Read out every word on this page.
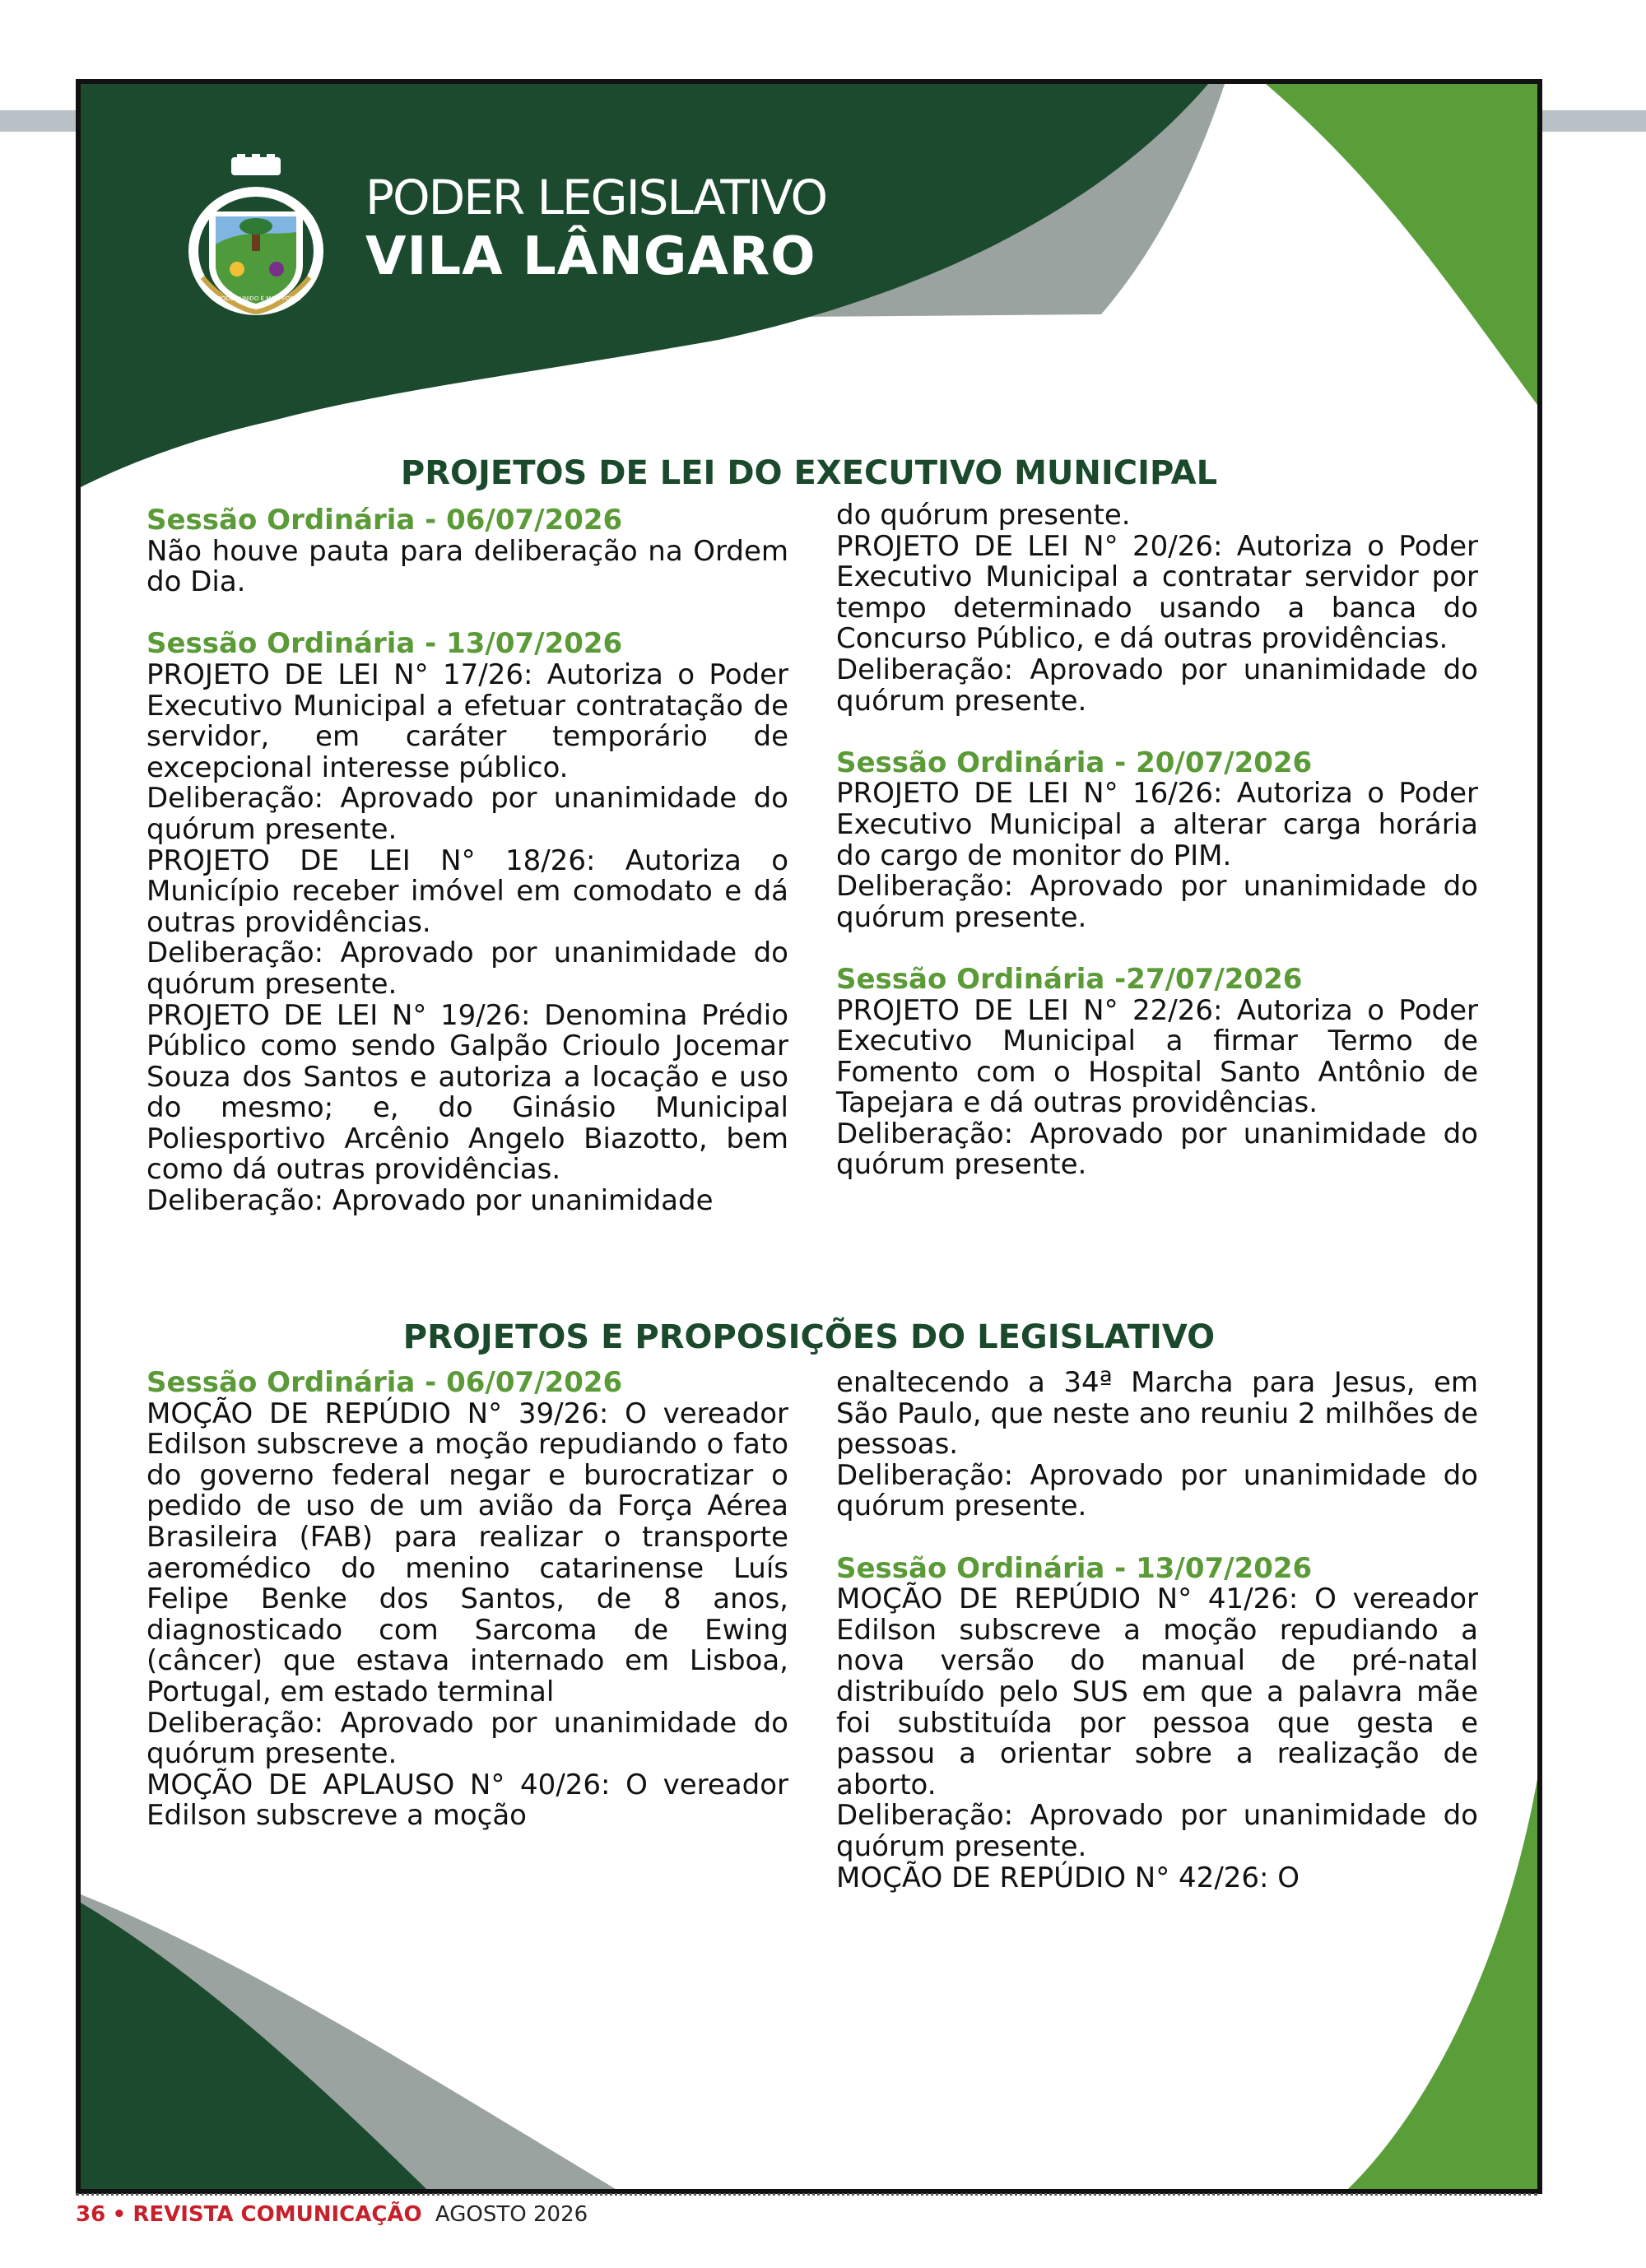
O PODER UNIDO É MAIS FORTE
PODER LEGISLATIVO
VILA LÂNGARO
PROJETOS DE LEI DO EXECUTIVO MUNICIPAL

Sessão Ordinária - 06/07/2026

Não houve pauta para deliberação na Ordem do Dia.

Sessão Ordinária - 13/07/2026

PROJETO DE LEI N° 17/26: Autoriza o Poder Executivo Municipal a efetuar contratação de servidor, em caráter temporário de excepcional interesse público.

Deliberação: Aprovado por unanimidade do quórum presente.

PROJETO DE LEI N° 18/26: Autoriza o Município receber imóvel em comodato e dá outras providências.

Deliberação: Aprovado por unanimidade do quórum presente.

PROJETO DE LEI N° 19/26: Denomina Prédio Público como sendo Galpão Crioulo Jocemar Souza dos Santos e autoriza a locação e uso do mesmo; e, do Ginásio Municipal Poliesportivo Arcênio Angelo Biazotto, bem como dá outras providências.

Deliberação: Aprovado por unanimidade

do quórum presente.

PROJETO DE LEI N° 20/26: Autoriza o Poder Executivo Municipal a contratar servidor por tempo determinado usando a banca do Concurso Público, e dá outras providências.

Deliberação: Aprovado por unanimidade do quórum presente.

Sessão Ordinária - 20/07/2026

PROJETO DE LEI N° 16/26: Autoriza o Poder Executivo Municipal a alterar carga horária do cargo de monitor do PIM.

Deliberação: Aprovado por unanimidade do quórum presente.

Sessão Ordinária -27/07/2026

PROJETO DE LEI N° 22/26: Autoriza o Poder Executivo Municipal a firmar Termo de Fomento com o Hospital Santo Antônio de Tapejara e dá outras providências.

Deliberação: Aprovado por unanimidade do quórum presente.

PROJETOS E PROPOSIÇÕES DO LEGISLATIVO

Sessão Ordinária - 06/07/2026

MOÇÃO DE REPÚDIO N° 39/26: O vereador Edilson subscreve a moção repudiando o fato do governo federal negar e burocratizar o pedido de uso de um avião da Força Aérea Brasileira (FAB) para realizar o transporte aeromédico do menino catarinense Luís Felipe Benke dos Santos, de 8 anos, diagnosticado com Sarcoma de Ewing (câncer) que estava internado em Lisboa, Portugal, em estado terminal

Deliberação: Aprovado por unanimidade do quórum presente.

MOÇÃO DE APLAUSO N° 40/26: O vereador Edilson subscreve a moção

enaltecendo a 34ª Marcha para Jesus, em São Paulo, que neste ano reuniu 2 milhões de pessoas.

Deliberação: Aprovado por unanimidade do quórum presente.

Sessão Ordinária - 13/07/2026

MOÇÃO DE REPÚDIO N° 41/26: O vereador Edilson subscreve a moção repudiando a nova versão do manual de pré-natal distribuído pelo SUS em que a palavra mãe foi substituída por pessoa que gesta e passou a orientar sobre a realização de aborto.

Deliberação: Aprovado por unanimidade do quórum presente.

MOÇÃO DE REPÚDIO N° 42/26: O

36 • REVISTA COMUNICAÇÃO AGOSTO 2026
